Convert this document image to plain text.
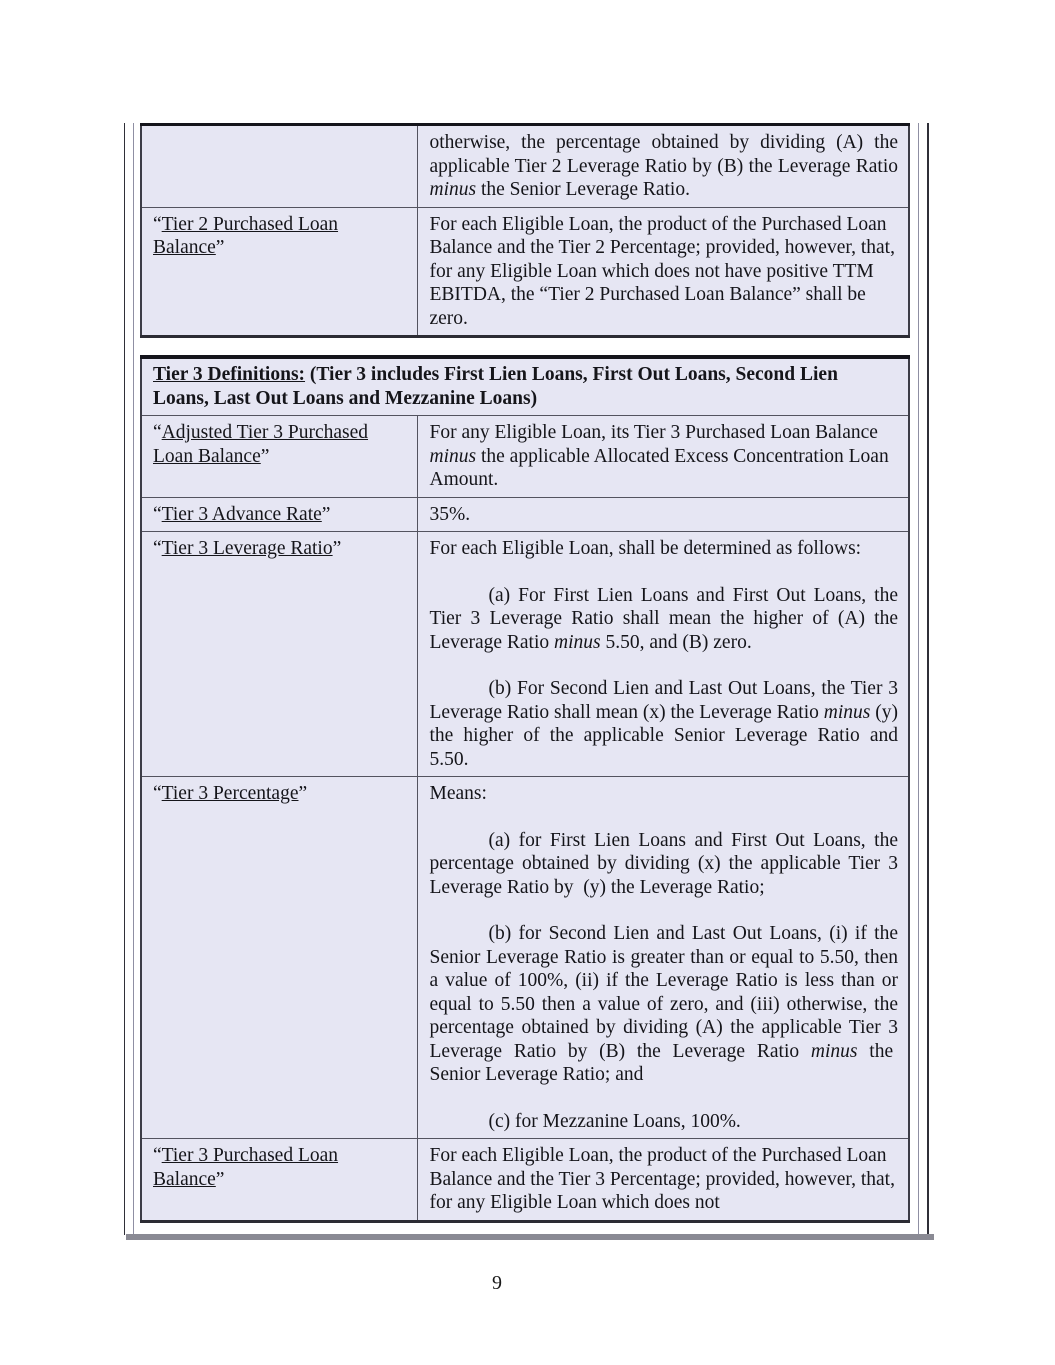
	otherwise, the percentage obtained by dividing (A) the applicable Tier 2 Leverage Ratio by (B) the Leverage Ratio minus the Senior Leverage Ratio.

“Tier 2 Purchased Loan Balance”	For each Eligible Loan, the product of the Purchased Loan Balance and the Tier 2 Percentage; provided, however, that, for any Eligible Loan which does not have positive TTM EBITDA, the “Tier 2 Purchased Loan Balance” shall be zero.

Tier 3 Definitions: (Tier 3 includes First Lien Loans, First Out Loans, Second Lien Loans, Last Out Loans and Mezzanine Loans)	
“Adjusted Tier 3 Purchased Loan Balance”	For any Eligible Loan, its Tier 3 Purchased Loan Balance minus the applicable Allocated Excess Concentration Loan Amount.

“Tier 3 Advance Rate”	35%.

“Tier 3 Leverage Ratio”	For each Eligible Loan, shall be determined as follows:

(a) For First Lien Loans and First Out Loans, the Tier 3 Leverage Ratio shall mean the higher of (A) the Leverage Ratio minus 5.50, and (B) zero.

(b) For Second Lien and Last Out Loans, the Tier 3 Leverage Ratio shall mean (x) the Leverage Ratio minus (y) the higher of the applicable Senior Leverage Ratio and 5.50.

“Tier 3 Percentage”	Means:

(a) for First Lien Loans and First Out Loans, the percentage obtained by dividing (x) the applicable Tier 3 Leverage Ratio by  (y) the Leverage Ratio;

(b) for Second Lien and Last Out Loans, (i) if the Senior Leverage Ratio is greater than or equal to 5.50, then a value of 100%, (ii) if the Leverage Ratio is less than or equal to 5.50 then a value of zero, and (iii) otherwise, the percentage obtained by dividing (A) the applicable Tier 3 Leverage Ratio by (B) the Leverage Ratio minus the  Senior Leverage Ratio; and

(c) for Mezzanine Loans, 100%.

“Tier 3 Purchased Loan Balance”	For each Eligible Loan, the product of the Purchased Loan Balance and the Tier 3 Percentage; provided, however, that, for any Eligible Loan which does not

9
